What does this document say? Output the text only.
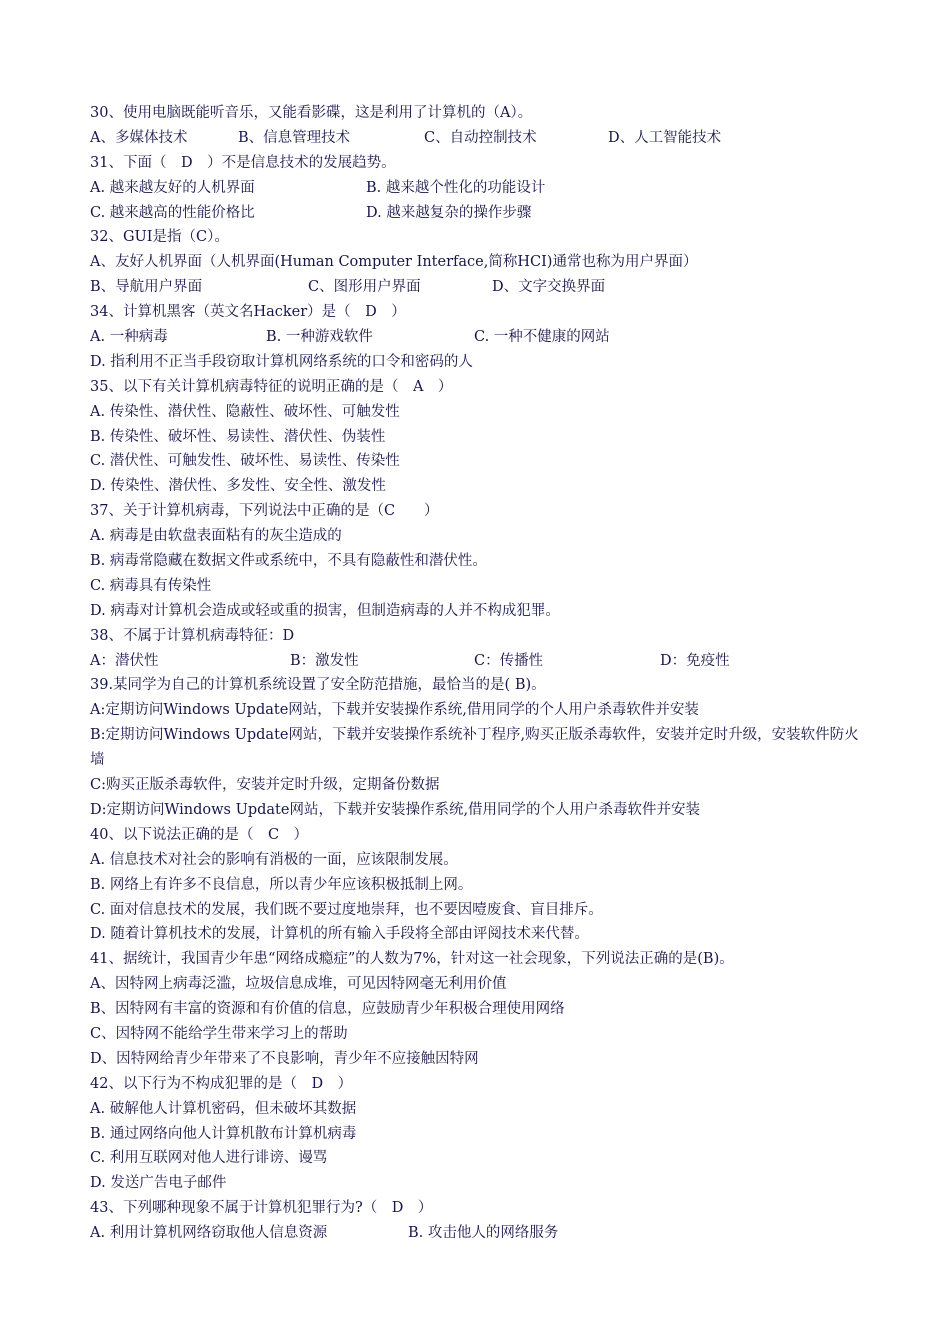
30、使用电脑既能听音乐，又能看影碟，这是利用了计算机的（A）。
A、多媒体技术	B、信息管理技术	C、自动控制技术	D、人工智能技术
31、下面（　D　）不是信息技术的发展趋势。
A. 越来越友好的人机界面	B. 越来越个性化的功能设计
C. 越来越高的性能价格比	D. 越来越复杂的操作步骤
32、GUI是指（C）。
A、友好人机界面（人机界面(Human Computer Interface,简称HCI)通常也称为用户界面）
B、导航用户界面	C、图形用户界面	D、文字交换界面
34、计算机黑客（英文名Hacker）是（　D　）
A. 一种病毒	B. 一种游戏软件	C. 一种不健康的网站
D. 指利用不正当手段窃取计算机网络系统的口令和密码的人
35、以下有关计算机病毒特征的说明正确的是（　A　）
A. 传染性、潜伏性、隐蔽性、破坏性、可触发性
B. 传染性、破坏性、易读性、潜伏性、伪装性
C. 潜伏性、可触发性、破坏性、易读性、传染性
D. 传染性、潜伏性、多发性、安全性、激发性
37、关于计算机病毒，下列说法中正确的是（C　　）
A. 病毒是由软盘表面粘有的灰尘造成的
B. 病毒常隐藏在数据文件或系统中，不具有隐蔽性和潜伏性。
C. 病毒具有传染性
D. 病毒对计算机会造成或轻或重的损害，但制造病毒的人并不构成犯罪。
38、不属于计算机病毒特征：D
A：潜伏性	B：激发性	C：传播性	D：免疫性
39.某同学为自己的计算机系统设置了安全防范措施，最恰当的是( B)。
A:定期访问Windows Update网站，下载并安装操作系统,借用同学的个人用户杀毒软件并安装
B:定期访问Windows Update网站，下载并安装操作系统补丁程序,购买正版杀毒软件，安装并定时升级，安装软件防火墙
C:购买正版杀毒软件，安装并定时升级，定期备份数据
D:定期访问Windows Update网站，下载并安装操作系统,借用同学的个人用户杀毒软件并安装
40、以下说法正确的是（　C　）
A. 信息技术对社会的影响有消极的一面，应该限制发展。
B. 网络上有许多不良信息，所以青少年应该积极抵制上网。
C. 面对信息技术的发展，我们既不要过度地崇拜，也不要因噎废食、盲目排斥。
D. 随着计算机技术的发展，计算机的所有输入手段将全部由评阅技术来代替。
41、据统计，我国青少年患“网络成瘾症”的人数为7%，针对这一社会现象，下列说法正确的是(B)。
A、因特网上病毒泛滥，垃圾信息成堆，可见因特网毫无利用价值
B、因特网有丰富的资源和有价值的信息，应鼓励青少年积极合理使用网络
C、因特网不能给学生带来学习上的帮助
D、因特网给青少年带来了不良影响，青少年不应接触因特网
42、以下行为不构成犯罪的是（　D　）
A. 破解他人计算机密码，但未破坏其数据
B. 通过网络向他人计算机散布计算机病毒
C. 利用互联网对他人进行诽谤、谩骂
D. 发送广告电子邮件
43、下列哪种现象不属于计算机犯罪行为?（　D　）
A. 利用计算机网络窃取他人信息资源	B. 攻击他人的网络服务
